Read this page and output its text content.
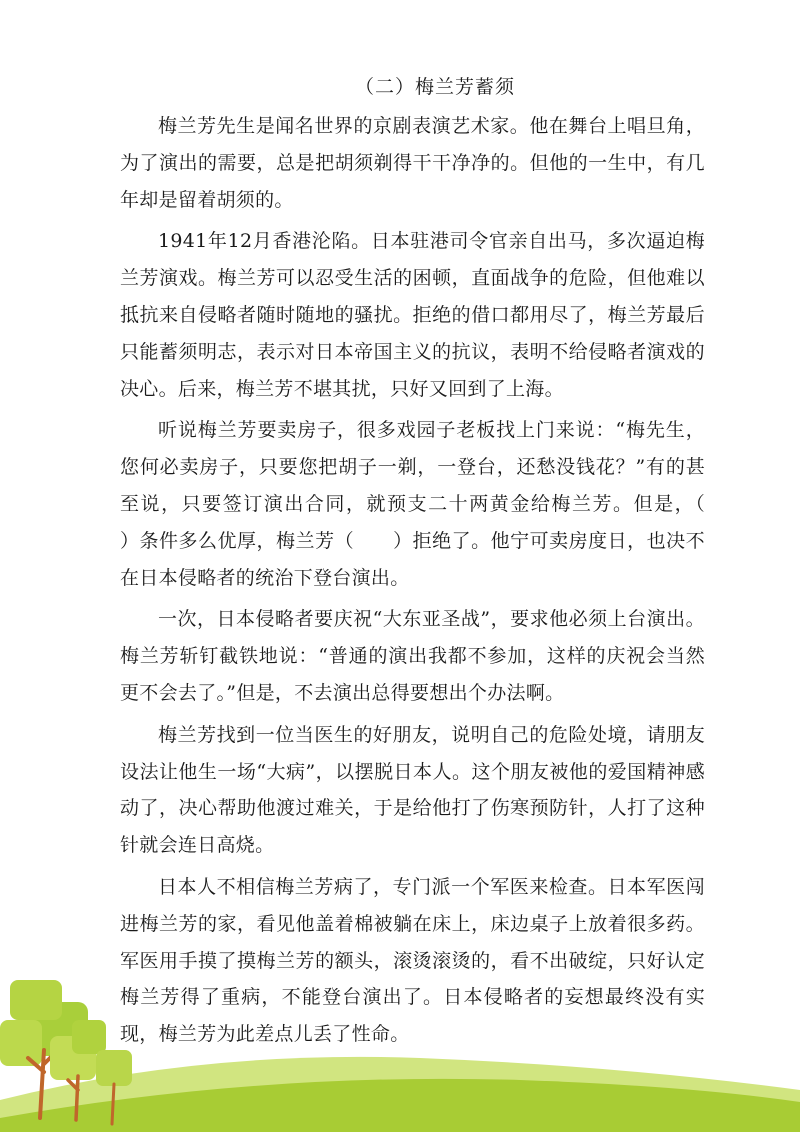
（二）梅兰芳蓄须

梅兰芳先生是闻名世界的京剧表演艺术家。他在舞台上唱旦角，为了演出的需要，总是把胡须剃得干干净净的。但他的一生中，有几年却是留着胡须的。

1941年12月香港沦陷。日本驻港司令官亲自出马，多次逼迫梅兰芳演戏。梅兰芳可以忍受生活的困顿，直面战争的危险，但他难以抵抗来自侵略者随时随地的骚扰。拒绝的借口都用尽了，梅兰芳最后只能蓄须明志，表示对日本帝国主义的抗议，表明不给侵略者演戏的决心。后来，梅兰芳不堪其扰，只好又回到了上海。

听说梅兰芳要卖房子，很多戏园子老板找上门来说：“梅先生，您何必卖房子，只要您把胡子一剃，一登台，还愁没钱花？”有的甚至说，只要签订演出合同，就预支二十两黄金给梅兰芳。但是，（　　）条件多么优厚，梅兰芳（　　）拒绝了。他宁可卖房度日，也决不在日本侵略者的统治下登台演出。

一次，日本侵略者要庆祝“大东亚圣战”，要求他必须上台演出。梅兰芳斩钉截铁地说：“普通的演出我都不参加，这样的庆祝会当然更不会去了。”但是，不去演出总得要想出个办法啊。

梅兰芳找到一位当医生的好朋友，说明自己的危险处境，请朋友设法让他生一场“大病”，以摆脱日本人。这个朋友被他的爱国精神感动了，决心帮助他渡过难关，于是给他打了伤寒预防针，人打了这种针就会连日高烧。

日本人不相信梅兰芳病了，专门派一个军医来检查。日本军医闯进梅兰芳的家，看见他盖着棉被躺在床上，床边桌子上放着很多药。军医用手摸了摸梅兰芳的额头，滚烫滚烫的，看不出破绽，只好认定梅兰芳得了重病，不能登台演出了。日本侵略者的妄想最终没有实现，梅兰芳为此差点儿丢了性命。
